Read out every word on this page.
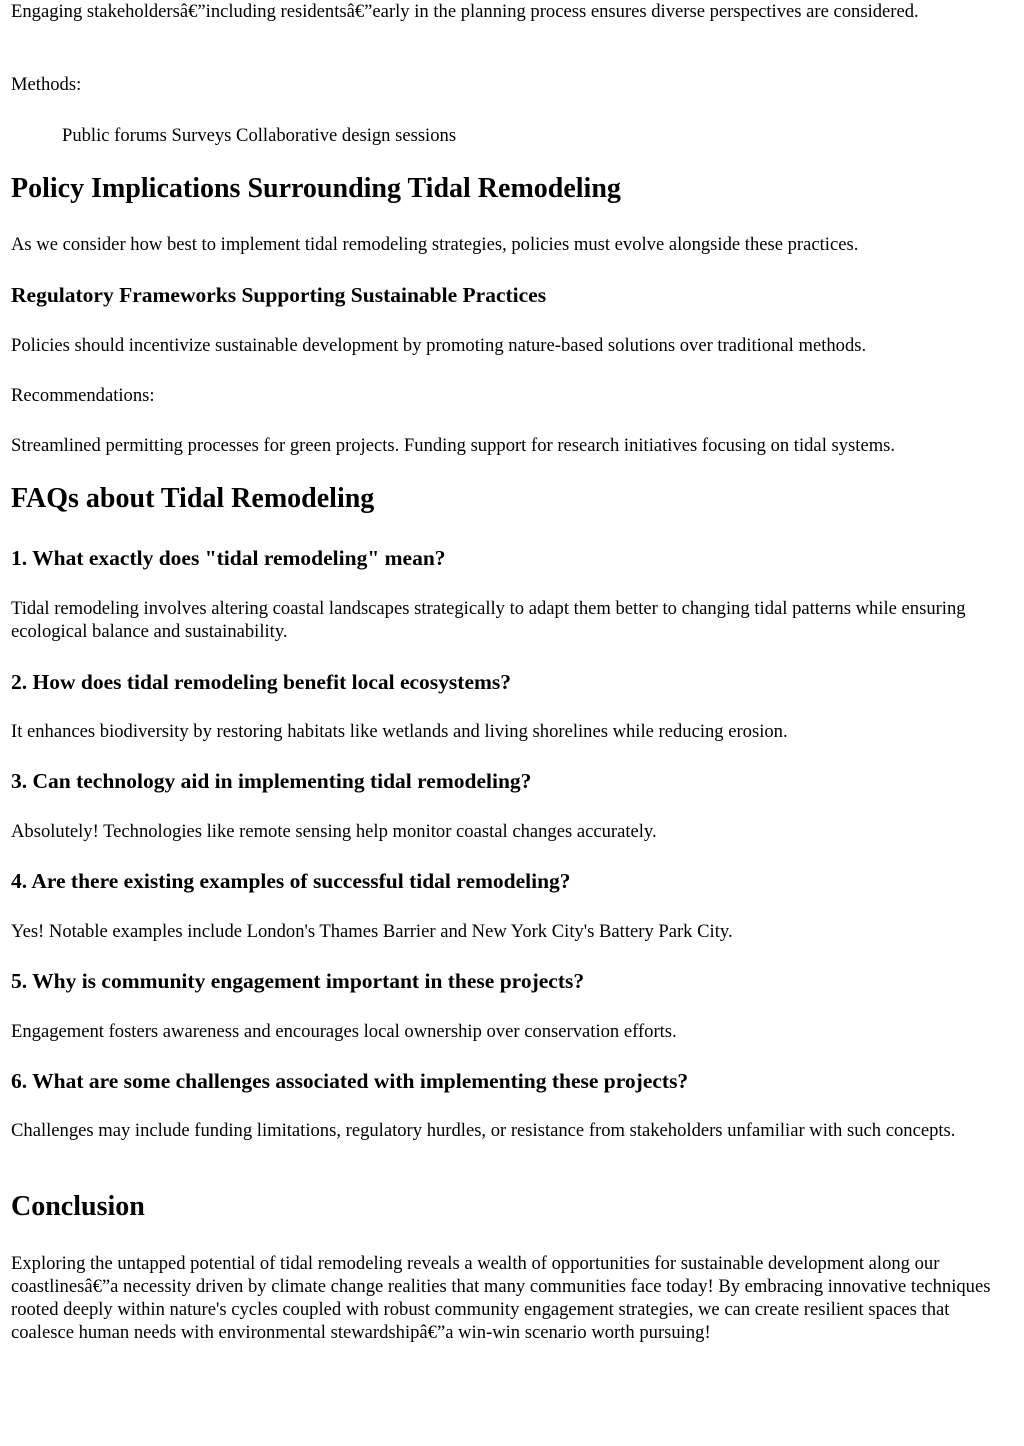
Engaging stakeholdersâ€”including residentsâ€”early in the planning process ensures diverse perspectives are considered.

Methods:

Public forums Surveys Collaborative design sessions

Policy Implications Surrounding Tidal Remodeling

As we consider how best to implement tidal remodeling strategies, policies must evolve alongside these practices.

Regulatory Frameworks Supporting Sustainable Practices

Policies should incentivize sustainable development by promoting nature-based solutions over traditional methods.

Recommendations:

Streamlined permitting processes for green projects. Funding support for research initiatives focusing on tidal systems.

FAQs about Tidal Remodeling
1. What exactly does "tidal remodeling" mean?

Tidal remodeling involves altering coastal landscapes strategically to adapt them better to changing tidal patterns while ensuring ecological balance and sustainability.

2. How does tidal remodeling benefit local ecosystems?

It enhances biodiversity by restoring habitats like wetlands and living shorelines while reducing erosion.

3. Can technology aid in implementing tidal remodeling?

Absolutely! Technologies like remote sensing help monitor coastal changes accurately.

4. Are there existing examples of successful tidal remodeling?

Yes! Notable examples include London's Thames Barrier and New York City's Battery Park City.

5. Why is community engagement important in these projects?

Engagement fosters awareness and encourages local ownership over conservation efforts.

6. What are some challenges associated with implementing these projects?

Challenges may include funding limitations, regulatory hurdles, or resistance from stakeholders unfamiliar with such concepts.

Conclusion

Exploring the untapped potential of tidal remodeling reveals a wealth of opportunities for sustainable development along our coastlinesâ€”a necessity driven by climate change realities that many communities face today! By embracing innovative techniques rooted deeply within nature's cycles coupled with robust community engagement strategies, we can create resilient spaces that coalesce human needs with environmental stewardshipâ€”a win-win scenario worth pursuing!
